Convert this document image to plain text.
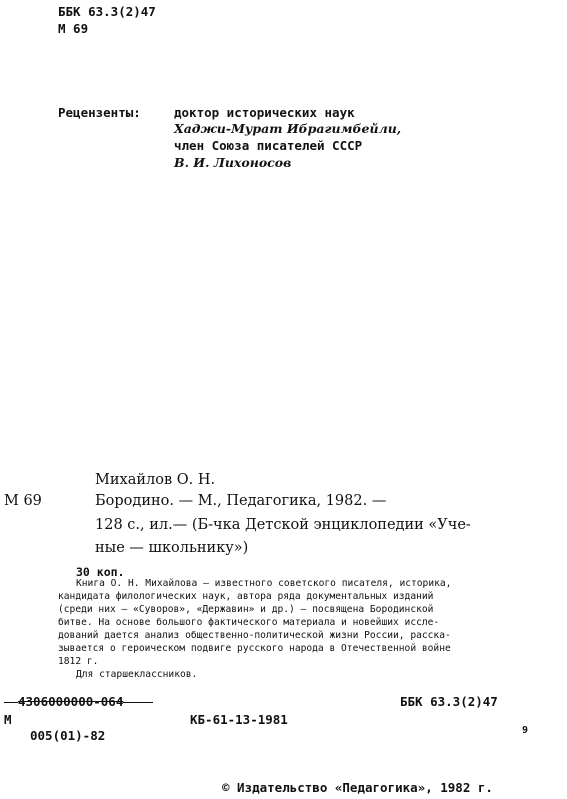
ББК 63.3(2)47
М 69
Рецензенты:	доктор исторических наук
Хаджи-Мурат Ибрагимбейли,
член Союза писателей СССР
В. И. Лихоносов
Михайлов О. Н.
М 69	Бородино. — М., Педагогика, 1982. —
128 с., ил.— (Б-чка Детской энциклопедии «Уче-
ные — школьнику»)
30 коп.
Книга О. Н. Михайлова — известного советского писателя, историка,
кандидата филологических наук, автора ряда документальных изданий
(среди них — «Суворов», «Державин» и др.) — посвящена Бородинской
битве. На основе большого фактического материала и новейших иссле-
дований дается анализ общественно-политической жизни России, расска-
зывается о героическом подвиге русского народа в Отечественной войне
1812 г.
Для старшеклассников.
4306000000-064	ББК 63.3(2)47
М	КБ-61-13-1981
005(01)-82	9
© Издательство «Педагогика», 1982 г.
